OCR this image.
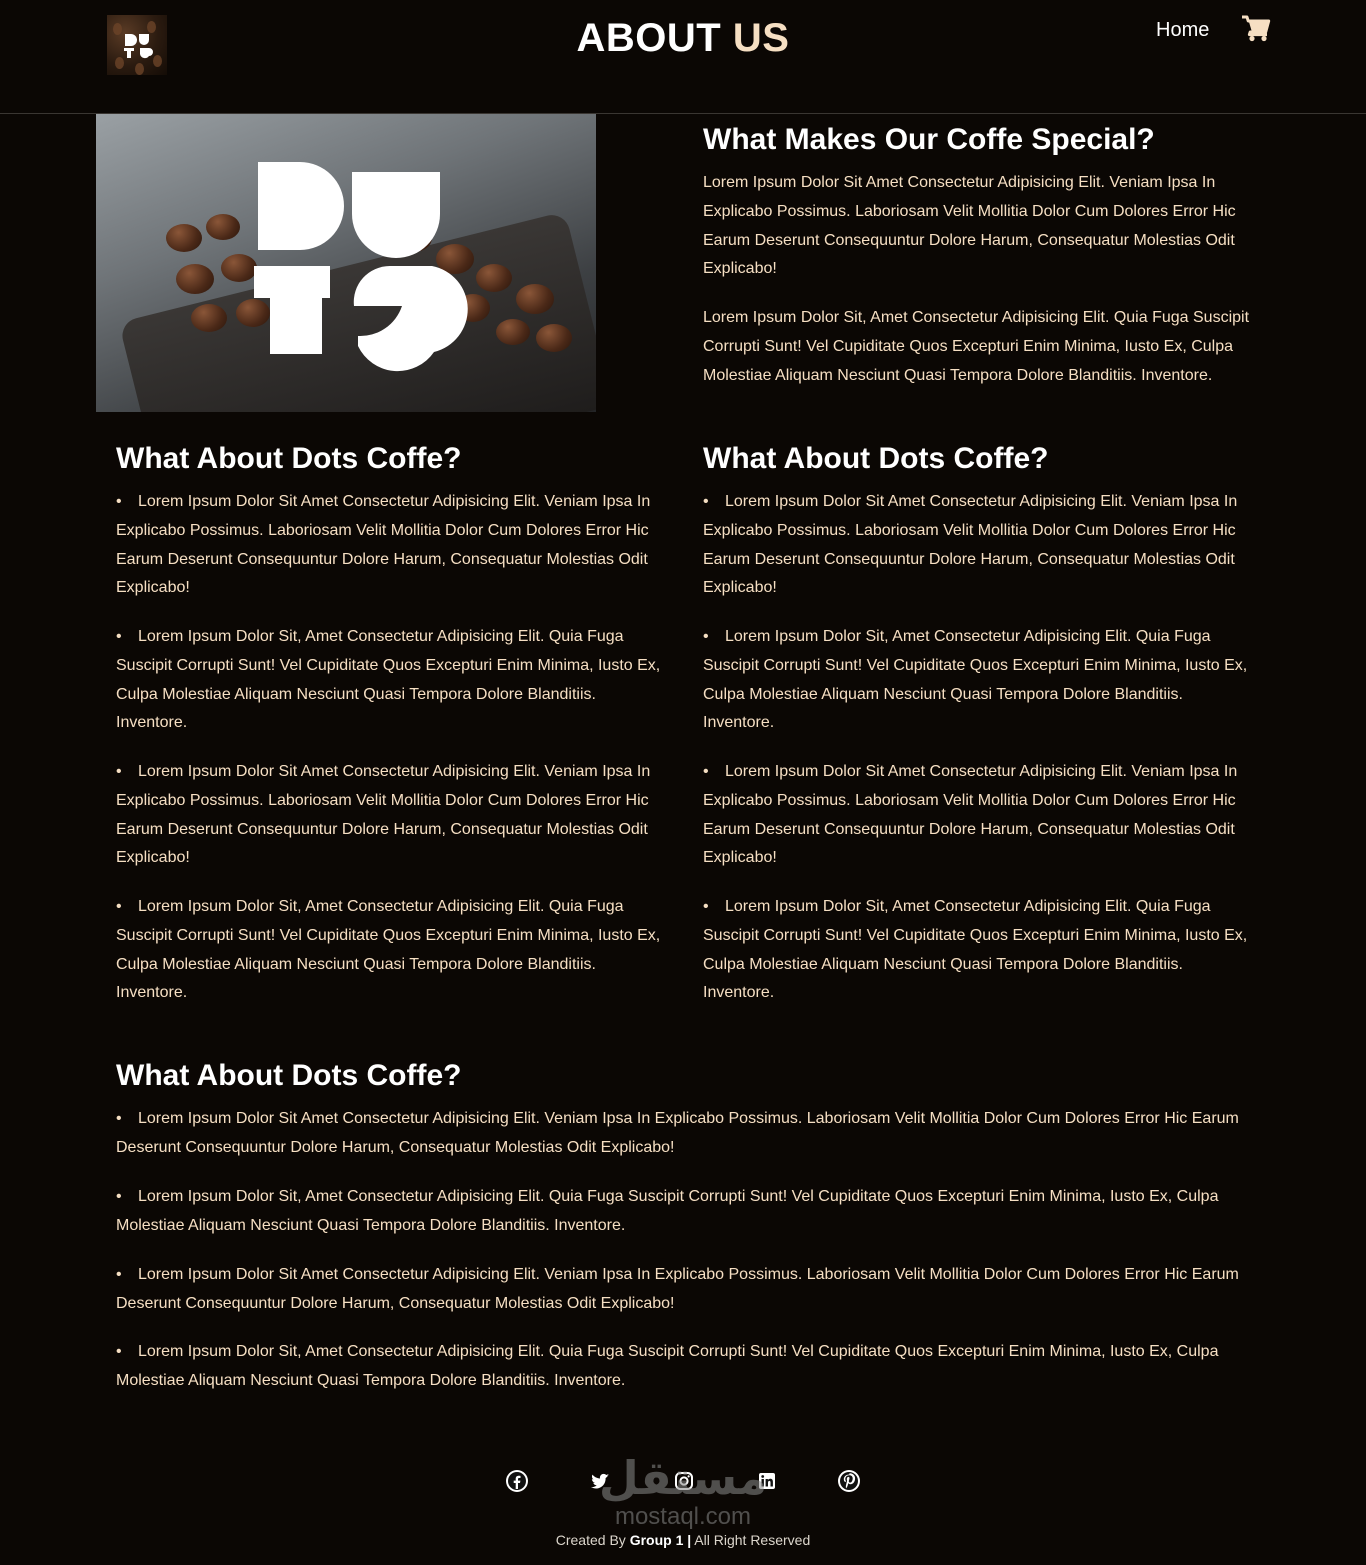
ABOUT US	Home
What Makes Our Coffe Special?

Lorem Ipsum Dolor Sit Amet Consectetur Adipisicing Elit. Veniam Ipsa In Explicabo Possimus. Laboriosam Velit Mollitia Dolor Cum Dolores Error Hic Earum Deserunt Consequuntur Dolore Harum, Consequatur Molestias Odit Explicabo!

Lorem Ipsum Dolor Sit, Amet Consectetur Adipisicing Elit. Quia Fuga Suscipit Corrupti Sunt! Vel Cupiditate Quos Excepturi Enim Minima, Iusto Ex, Culpa Molestiae Aliquam Nesciunt Quasi Tempora Dolore Blanditiis. Inventore.

What About Dots Coffe?
• Lorem Ipsum Dolor Sit Amet Consectetur Adipisicing Elit. Veniam Ipsa In Explicabo Possimus. Laboriosam Velit Mollitia Dolor Cum Dolores Error Hic Earum Deserunt Consequuntur Dolore Harum, Consequatur Molestias Odit Explicabo!
• Lorem Ipsum Dolor Sit, Amet Consectetur Adipisicing Elit. Quia Fuga Suscipit Corrupti Sunt! Vel Cupiditate Quos Excepturi Enim Minima, Iusto Ex, Culpa Molestiae Aliquam Nesciunt Quasi Tempora Dolore Blanditiis. Inventore.
• Lorem Ipsum Dolor Sit Amet Consectetur Adipisicing Elit. Veniam Ipsa In Explicabo Possimus. Laboriosam Velit Mollitia Dolor Cum Dolores Error Hic Earum Deserunt Consequuntur Dolore Harum, Consequatur Molestias Odit Explicabo!
• Lorem Ipsum Dolor Sit, Amet Consectetur Adipisicing Elit. Quia Fuga Suscipit Corrupti Sunt! Vel Cupiditate Quos Excepturi Enim Minima, Iusto Ex, Culpa Molestiae Aliquam Nesciunt Quasi Tempora Dolore Blanditiis. Inventore.
What About Dots Coffe?
• Lorem Ipsum Dolor Sit Amet Consectetur Adipisicing Elit. Veniam Ipsa In Explicabo Possimus. Laboriosam Velit Mollitia Dolor Cum Dolores Error Hic Earum Deserunt Consequuntur Dolore Harum, Consequatur Molestias Odit Explicabo!
• Lorem Ipsum Dolor Sit, Amet Consectetur Adipisicing Elit. Quia Fuga Suscipit Corrupti Sunt! Vel Cupiditate Quos Excepturi Enim Minima, Iusto Ex, Culpa Molestiae Aliquam Nesciunt Quasi Tempora Dolore Blanditiis. Inventore.
• Lorem Ipsum Dolor Sit Amet Consectetur Adipisicing Elit. Veniam Ipsa In Explicabo Possimus. Laboriosam Velit Mollitia Dolor Cum Dolores Error Hic Earum Deserunt Consequuntur Dolore Harum, Consequatur Molestias Odit Explicabo!
• Lorem Ipsum Dolor Sit, Amet Consectetur Adipisicing Elit. Quia Fuga Suscipit Corrupti Sunt! Vel Cupiditate Quos Excepturi Enim Minima, Iusto Ex, Culpa Molestiae Aliquam Nesciunt Quasi Tempora Dolore Blanditiis. Inventore.
What About Dots Coffe?
• Lorem Ipsum Dolor Sit Amet Consectetur Adipisicing Elit. Veniam Ipsa In Explicabo Possimus. Laboriosam Velit Mollitia Dolor Cum Dolores Error Hic Earum Deserunt Consequuntur Dolore Harum, Consequatur Molestias Odit Explicabo!
• Lorem Ipsum Dolor Sit, Amet Consectetur Adipisicing Elit. Quia Fuga Suscipit Corrupti Sunt! Vel Cupiditate Quos Excepturi Enim Minima, Iusto Ex, Culpa Molestiae Aliquam Nesciunt Quasi Tempora Dolore Blanditiis. Inventore.
• Lorem Ipsum Dolor Sit Amet Consectetur Adipisicing Elit. Veniam Ipsa In Explicabo Possimus. Laboriosam Velit Mollitia Dolor Cum Dolores Error Hic Earum Deserunt Consequuntur Dolore Harum, Consequatur Molestias Odit Explicabo!
• Lorem Ipsum Dolor Sit, Amet Consectetur Adipisicing Elit. Quia Fuga Suscipit Corrupti Sunt! Vel Cupiditate Quos Excepturi Enim Minima, Iusto Ex, Culpa Molestiae Aliquam Nesciunt Quasi Tempora Dolore Blanditiis. Inventore.
مستقل
mostaql.com

Created By Group 1 | All Right Reserved
